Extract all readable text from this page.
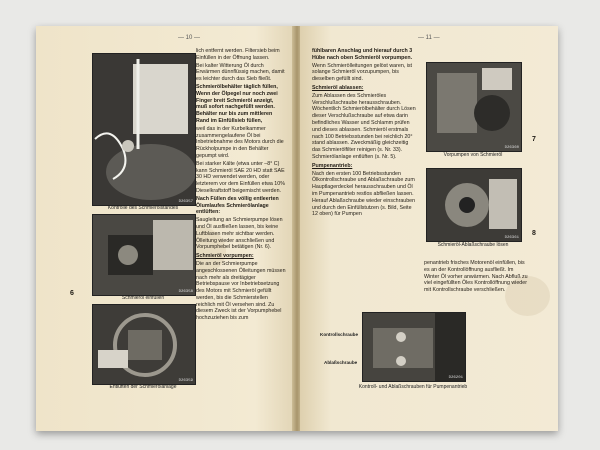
— 10 —
D26357
Kontrolle des Schmierölstandes
D26358
Schmieröl einfüllen
D26359
Entlüften der Schmierölanlage
6

lich entfernt werden. Filtersieb beim Einfüllen in der Öffnung lassen.

Bei kalter Witterung Öl durch Erwärmen dünnflüssig machen, damit es leichter durch das Sieb fließt.

Schmierölbehälter täglich füllen, Wenn der Ölpegel nur noch zwei Finger breit Schmieröl anzeigt, muß sofort nachgefüllt werden. Behälter nur bis zum mittleren Rand im Einfüllsieb füllen,

weil das in der Kurbelkammer zusammengelaufene Öl bei Inbetriebnahme des Motors durch die Rückholpumpe in den Behälter gepumpt wird.

Bei starker Kälte (etwa unter –8° C) kann Schmieröl SAE 20 HD statt SAE 30 HD verwendet werden, oder letzterem vor dem Einfüllen etwa 10% Dieselkraftstoff beigemischt werden.

Nach Füllen des völlig entleerten Ölumlaufes Schmierölanlage entlüften:

Saugleitung an Schmierpumpe lösen und Öl ausfließen lassen, bis keine Luftblasen mehr sichtbar werden. Ölleitung wieder anschließen und Vorpumphebel betätigen (Nr. 6).

Schmieröl vorpumpen:

Die an der Schmierpumpe angeschlossenen Ölleitungen müssen nach mehr als dreitägiger Betriebspause vor Inbetriebsetzung des Motors mit Schmieröl gefüllt werden, bis die Schmierstellen reichlich mit Öl versehen sind. Zu diesem Zweck ist der Vorpumphebel hochzuziehen bis zum

— 11 —

fühlbaren Anschlag und hierauf durch 3 Hübe nach oben Schmieröl vorpumpen.

Wenn Schmierölleitungen gelöst waren, ist solange Schmieröl vorzupumpen, bis dieselben gefüllt sind.

Schmieröl ablassen:

Zum Ablassen des Schmieröles Verschlußschraube herausschrauben. Wöchentlich Schmierölbehälter durch Lösen dieser Verschlußschraube auf etwa darin befindliches Wasser und Schlamm prüfen und dieses ablassen. Schmieröl erstmals nach 100 Betriebsstunden bei reichlich 20° stand ablassen. Zweckmäßig gleichzeitig das Schmierölfilter reinigen (s. Nr. 33). Schmierölanlage entlüften (s. Nr. 5).

Pumpenantrieb:

Nach den ersten 100 Betriebsstunden Ölkontrollschraube und Ablaßschraube zum Hauptlagerdeckel herausschrauben und Öl im Pumpenantrieb restlos abfließen lassen. Herauf Ablaßschraube wieder einschrauben und durch den Einfüllstutzen (s. Bild, Seite 12 oben) für Pumpen

D26360
Vorpumpen von Schmieröl
7
D26361
Schmieröl-Ablaßschraube lösen
8

penantrieb frisches Motorenöl einfüllen, bis es an der Kontrollöffnung ausfließt. Im Winter Öl vorher anwärmen. Nach Abfluß zu viel eingefüllten Öles Kontrollöffnung wieder mit Kontrollschraube verschließen.

D26201
Kontrollschraube
Ablaßschraube
Kontroll- und Ablaßschrauben für Pumpenantrieb
